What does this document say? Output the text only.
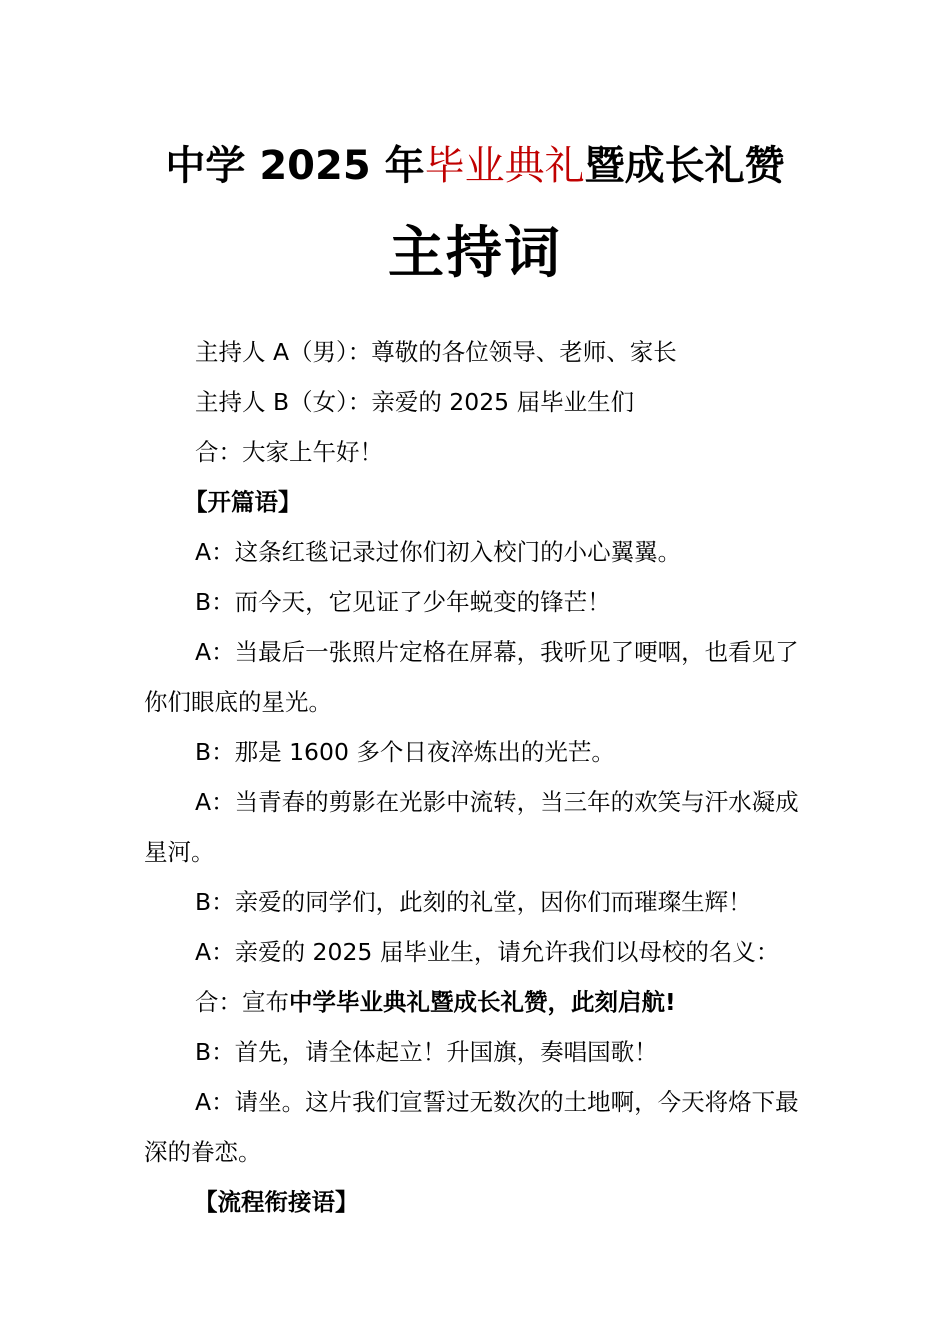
中学 2025 年毕业典礼暨成长礼赞
主持词

主持人 A（男）：尊敬的各位领导、老师、家长

主持人 B（女）：亲爱的 2025 届毕业生们

合：大家上午好！

【开篇语】

A：这条红毯记录过你们初入校门的小心翼翼。

B：而今天，它见证了少年蜕变的锋芒！

A：当最后一张照片定格在屏幕，我听见了哽咽，也看见了你们眼底的星光。

B：那是 1600 多个日夜淬炼出的光芒。

A：当青春的剪影在光影中流转，当三年的欢笑与汗水凝成星河。

B：亲爱的同学们，此刻的礼堂，因你们而璀璨生辉！

A：亲爱的 2025 届毕业生，请允许我们以母校的名义：

合：宣布中学毕业典礼暨成长礼赞，此刻启航!

B：首先，请全体起立！升国旗，奏唱国歌！

A：请坐。这片我们宣誓过无数次的土地啊，今天将烙下最深的眷恋。

【流程衔接语】
